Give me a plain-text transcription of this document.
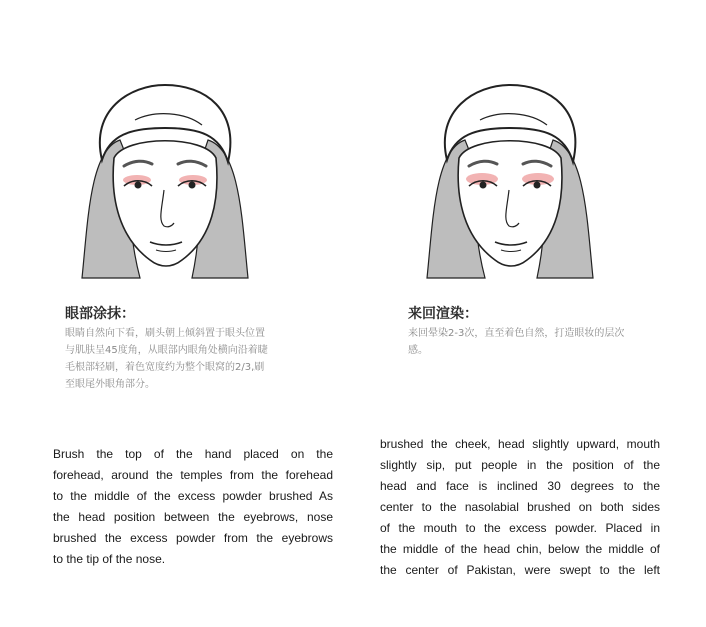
眼部涂抹：
眼睛自然向下看，刷头朝上倾斜置于眼头位置
与肌肤呈45度角，从眼部内眼角处横向沿着睫
毛根部轻刷，着色宽度约为整个眼窝的2/3,刷
至眼尾外眼角部分。
来回渲染：
来回晕染2-3次，直至着色自然，打造眼妆的层次
感。
Brush the top of the hand placed on the
forehead, around the temples from the forehead
to the middle of the excess powder brushed As
the head position between the eyebrows, nose
brushed the excess powder from the eyebrows
to the tip of the nose.
brushed the cheek, head slightly upward, mouth
slightly sip, put people in the position of the
head and face is inclined 30 degrees to the
center to the nasolabial brushed on both sides
of the mouth to the excess powder. Placed in
the middle of the head chin, below the middle of
the center of Pakistan, were swept to the left
